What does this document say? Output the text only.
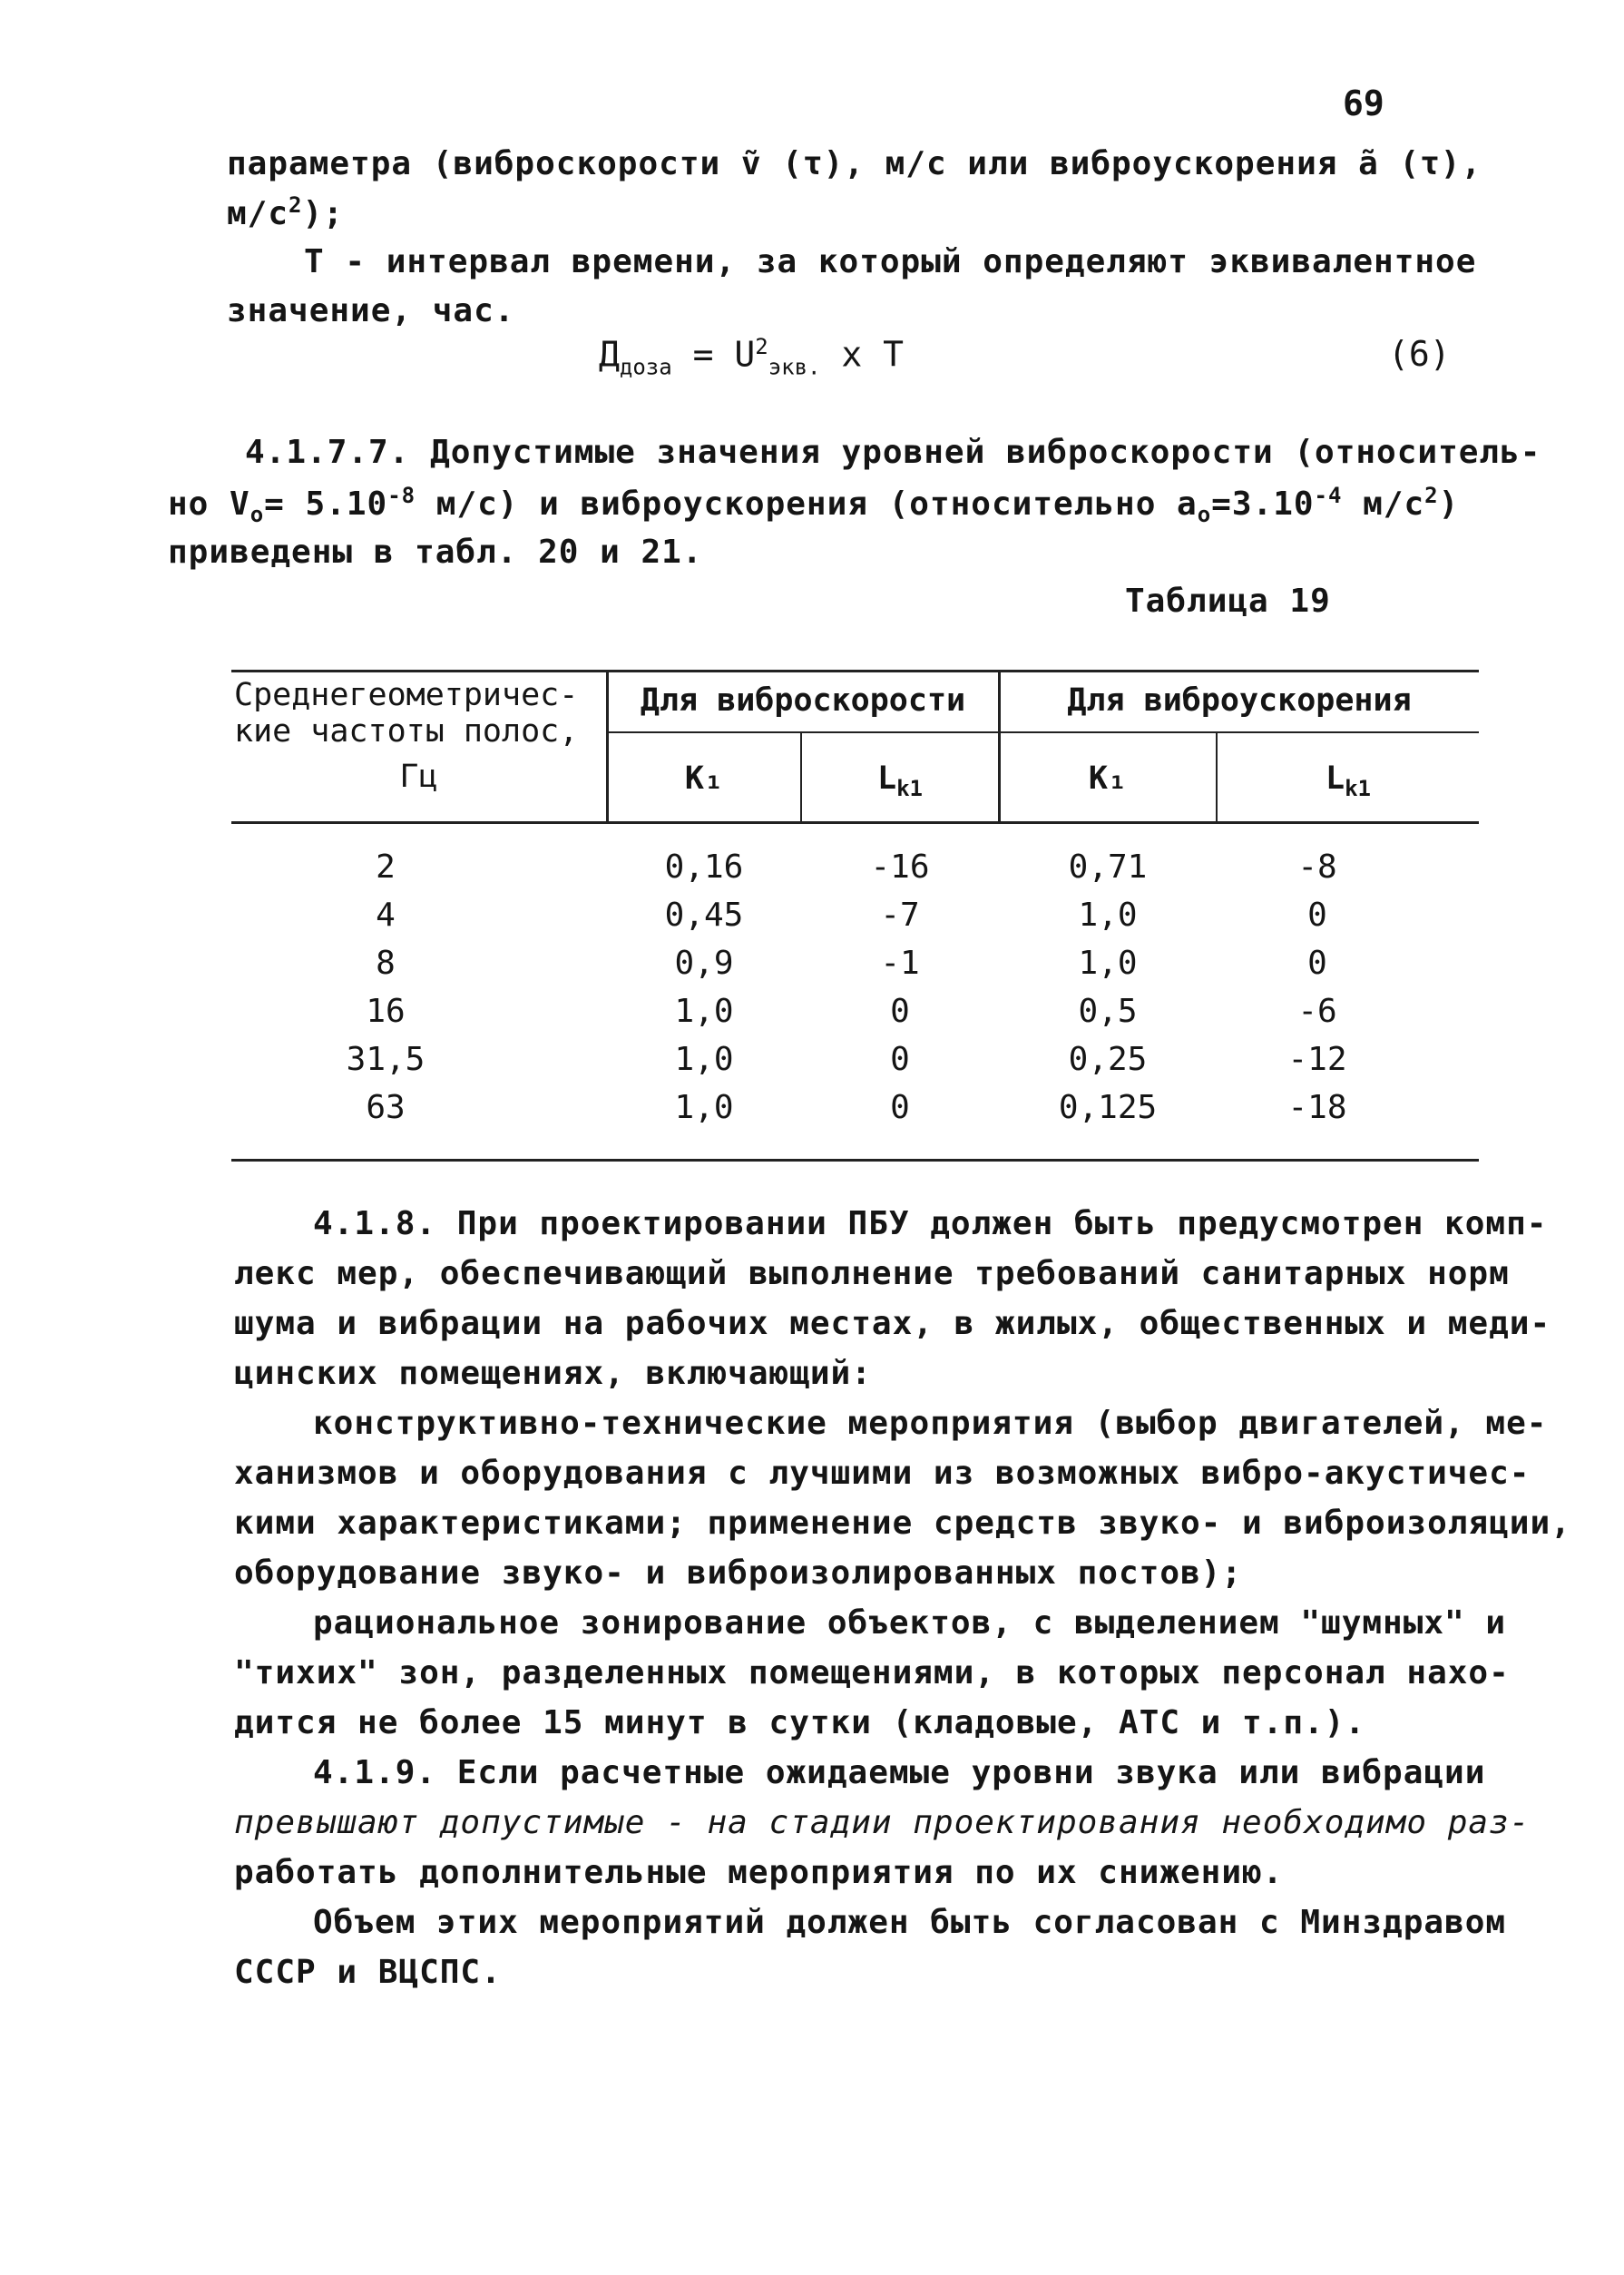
69
параметра (виброскорости ṽ (τ), м/с или виброускорения ã (τ),
$м/с^2$);
Т - интервал времени, за который определяют эквивалентное
значение, час.
$Д_{доза} = U^2_{экв.}$ x T	(6)
4.1.7.7. Допустимые значения уровней виброскорости (относитель-
но $V_o= 5.10^{-8}$ м/с) и виброускорения (относительно $а_o=3.10^{-4}$ $м/с^2$)
приведены в табл. 20 и 21.
Таблица 19
Среднегеометричес-
кие частоты полос,
Гц
Для виброскорости	Для виброускорения
K₁	$L_{k1}$	K₁	$L_{k1}$
2	0,16	-16	0,71	-8
4	0,45	-7	1,0	0
8	0,9	-1	1,0	0
16	1,0	0	0,5	-6
31,5	1,0	0	0,25	-12
63	1,0	0	0,125	-18
4.1.8. При проектировании ПБУ должен быть предусмотрен комп-
лекс мер, обеспечивающий выполнение требований санитарных норм
шума и вибрации на рабочих местах, в жилых, общественных и меди-
цинских помещениях, включающий:
конструктивно-технические мероприятия (выбор двигателей, ме-
ханизмов и оборудования с лучшими из возможных вибро-акустичес-
кими характеристиками; применение средств звуко- и виброизоляции,
оборудование звуко- и виброизолированных постов);
рациональное зонирование объектов, с выделением "шумных" и
"тихих" зон, разделенных помещениями, в которых персонал нахо-
дится не более 15 минут в сутки (кладовые, АТС и т.п.).
4.1.9. Если расчетные ожидаемые уровни звука или вибрации
превышают допустимые - на стадии проектирования необходимо раз-
работать дополнительные мероприятия по их снижению.
Объем этих мероприятий должен быть согласован с Минздравом
СССР и ВЦСПС.
